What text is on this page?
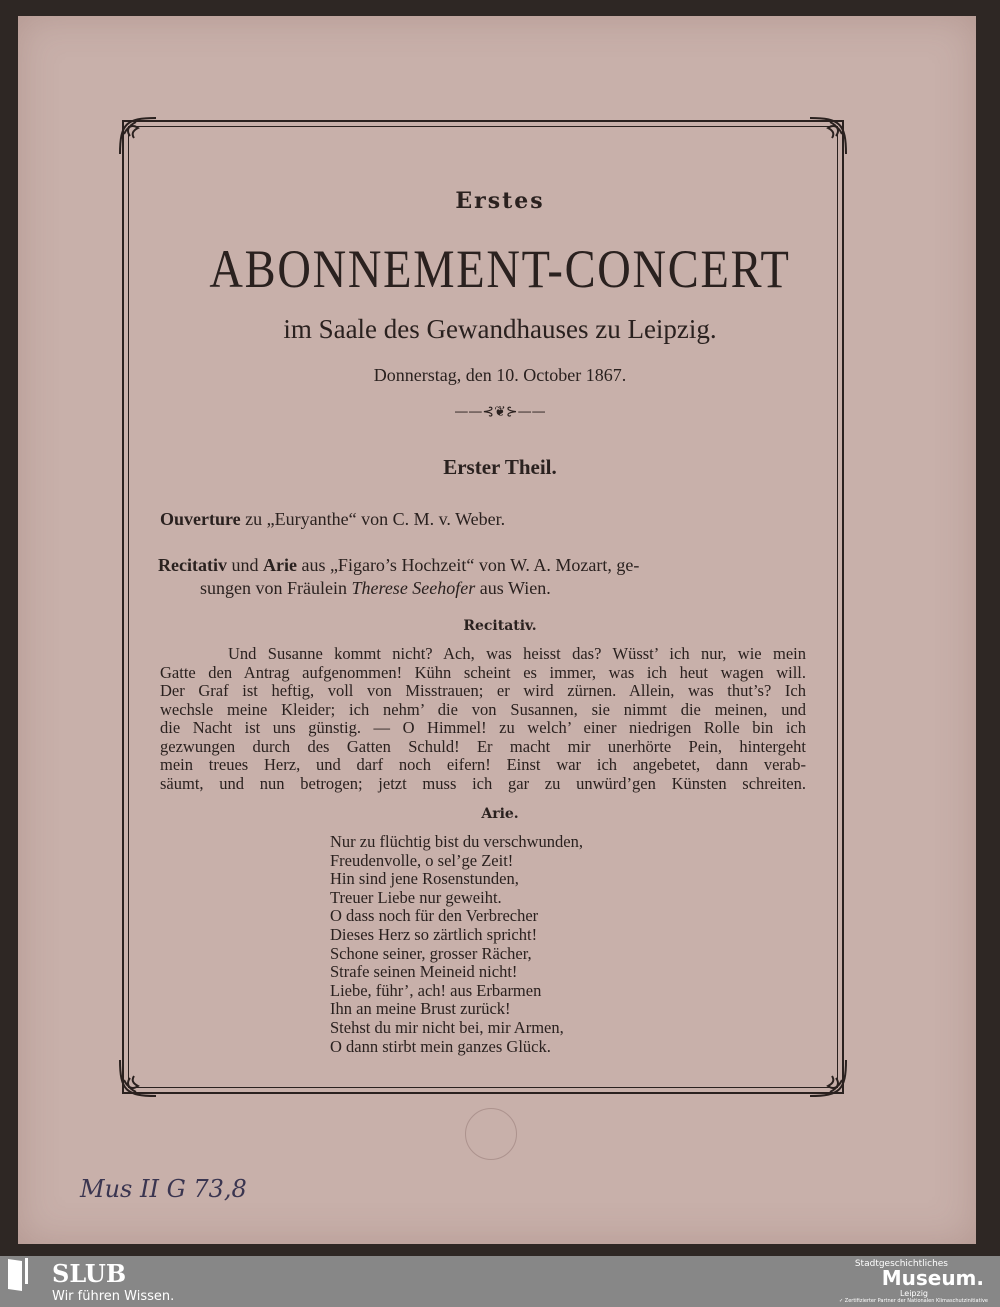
Erstes
ABONNEMENT-CONCERT
im Saale des Gewandhauses zu Leipzig.
Donnerstag, den 10. October 1867.
——⊰❦⊱——
Erster Theil.
Ouverture zu „Euryanthe“ von C. M. v. Weber.
Recitativ und Arie aus „Figaro’s Hochzeit“ von W. A. Mozart, ge-
sungen von Fräulein Therese Seehofer aus Wien.
Recitativ.
Und Susanne kommt nicht? Ach, was heisst das? Wüsst’ ich nur, wie mein
Gatte den Antrag aufgenommen! Kühn scheint es immer, was ich heut wagen will.
Der Graf ist heftig, voll von Misstrauen; er wird zürnen. Allein, was thut’s? Ich
wechsle meine Kleider; ich nehm’ die von Susannen, sie nimmt die meinen, und
die Nacht ist uns günstig. — O Himmel! zu welch’ einer niedrigen Rolle bin ich
gezwungen durch des Gatten Schuld! Er macht mir unerhörte Pein, hintergeht
mein treues Herz, und darf noch eifern! Einst war ich angebetet, dann verab-
säumt, und nun betrogen; jetzt muss ich gar zu unwürd’gen Künsten schreiten.
Arie.
Nur zu flüchtig bist du verschwunden,
Freudenvolle, o sel’ge Zeit!
Hin sind jene Rosenstunden,
Treuer Liebe nur geweiht.
O dass noch für den Verbrecher
Dieses Herz so zärtlich spricht!
Schone seiner, grosser Rächer,
Strafe seinen Meineid nicht!
Liebe, führ’, ach! aus Erbarmen
Ihn an meine Brust zurück!
Stehst du mir nicht bei, mir Armen,
O dann stirbt mein ganzes Glück.
Mus II G 73,8
SLUB
Wir führen Wissen.
Stadtgeschichtliches
Museum.
Leipzig
✓ Zertifizierter Partner der Nationalen Klimaschutzinitiative
